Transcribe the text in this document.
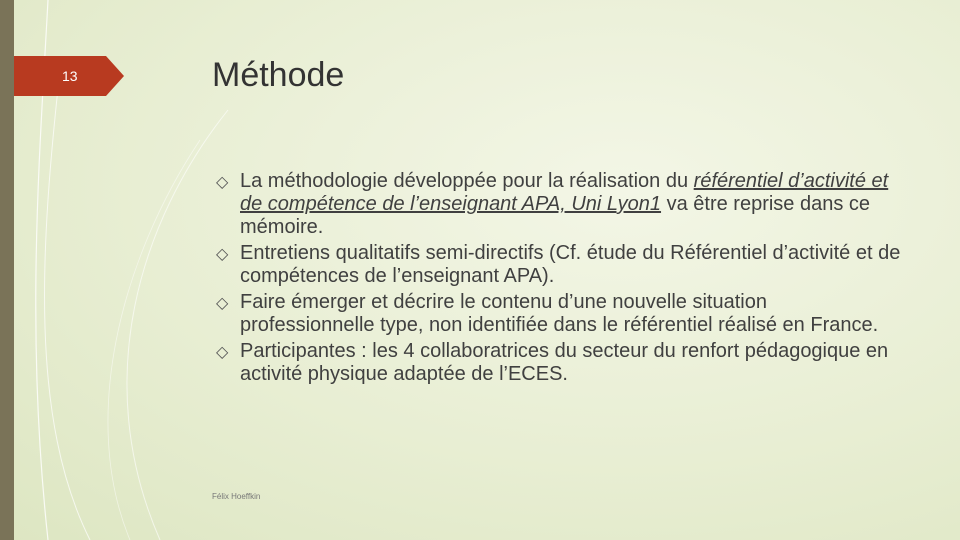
13	Méthode
◇ La méthodologie développée pour la réalisation du référentiel d’activité et de compétence de l’enseignant APA, Uni Lyon1 va être reprise dans ce mémoire.
◇ Entretiens qualitatifs semi-directifs (Cf. étude du Référentiel d’activité et de compétences de l’enseignant APA).
◇ Faire émerger et décrire le contenu d’une nouvelle situation professionnelle type, non identifiée dans le référentiel réalisé en France.
◇ Participantes : les 4 collaboratrices du secteur du renfort pédagogique en activité physique adaptée de l’ECES.
Félix Hoeffkin
